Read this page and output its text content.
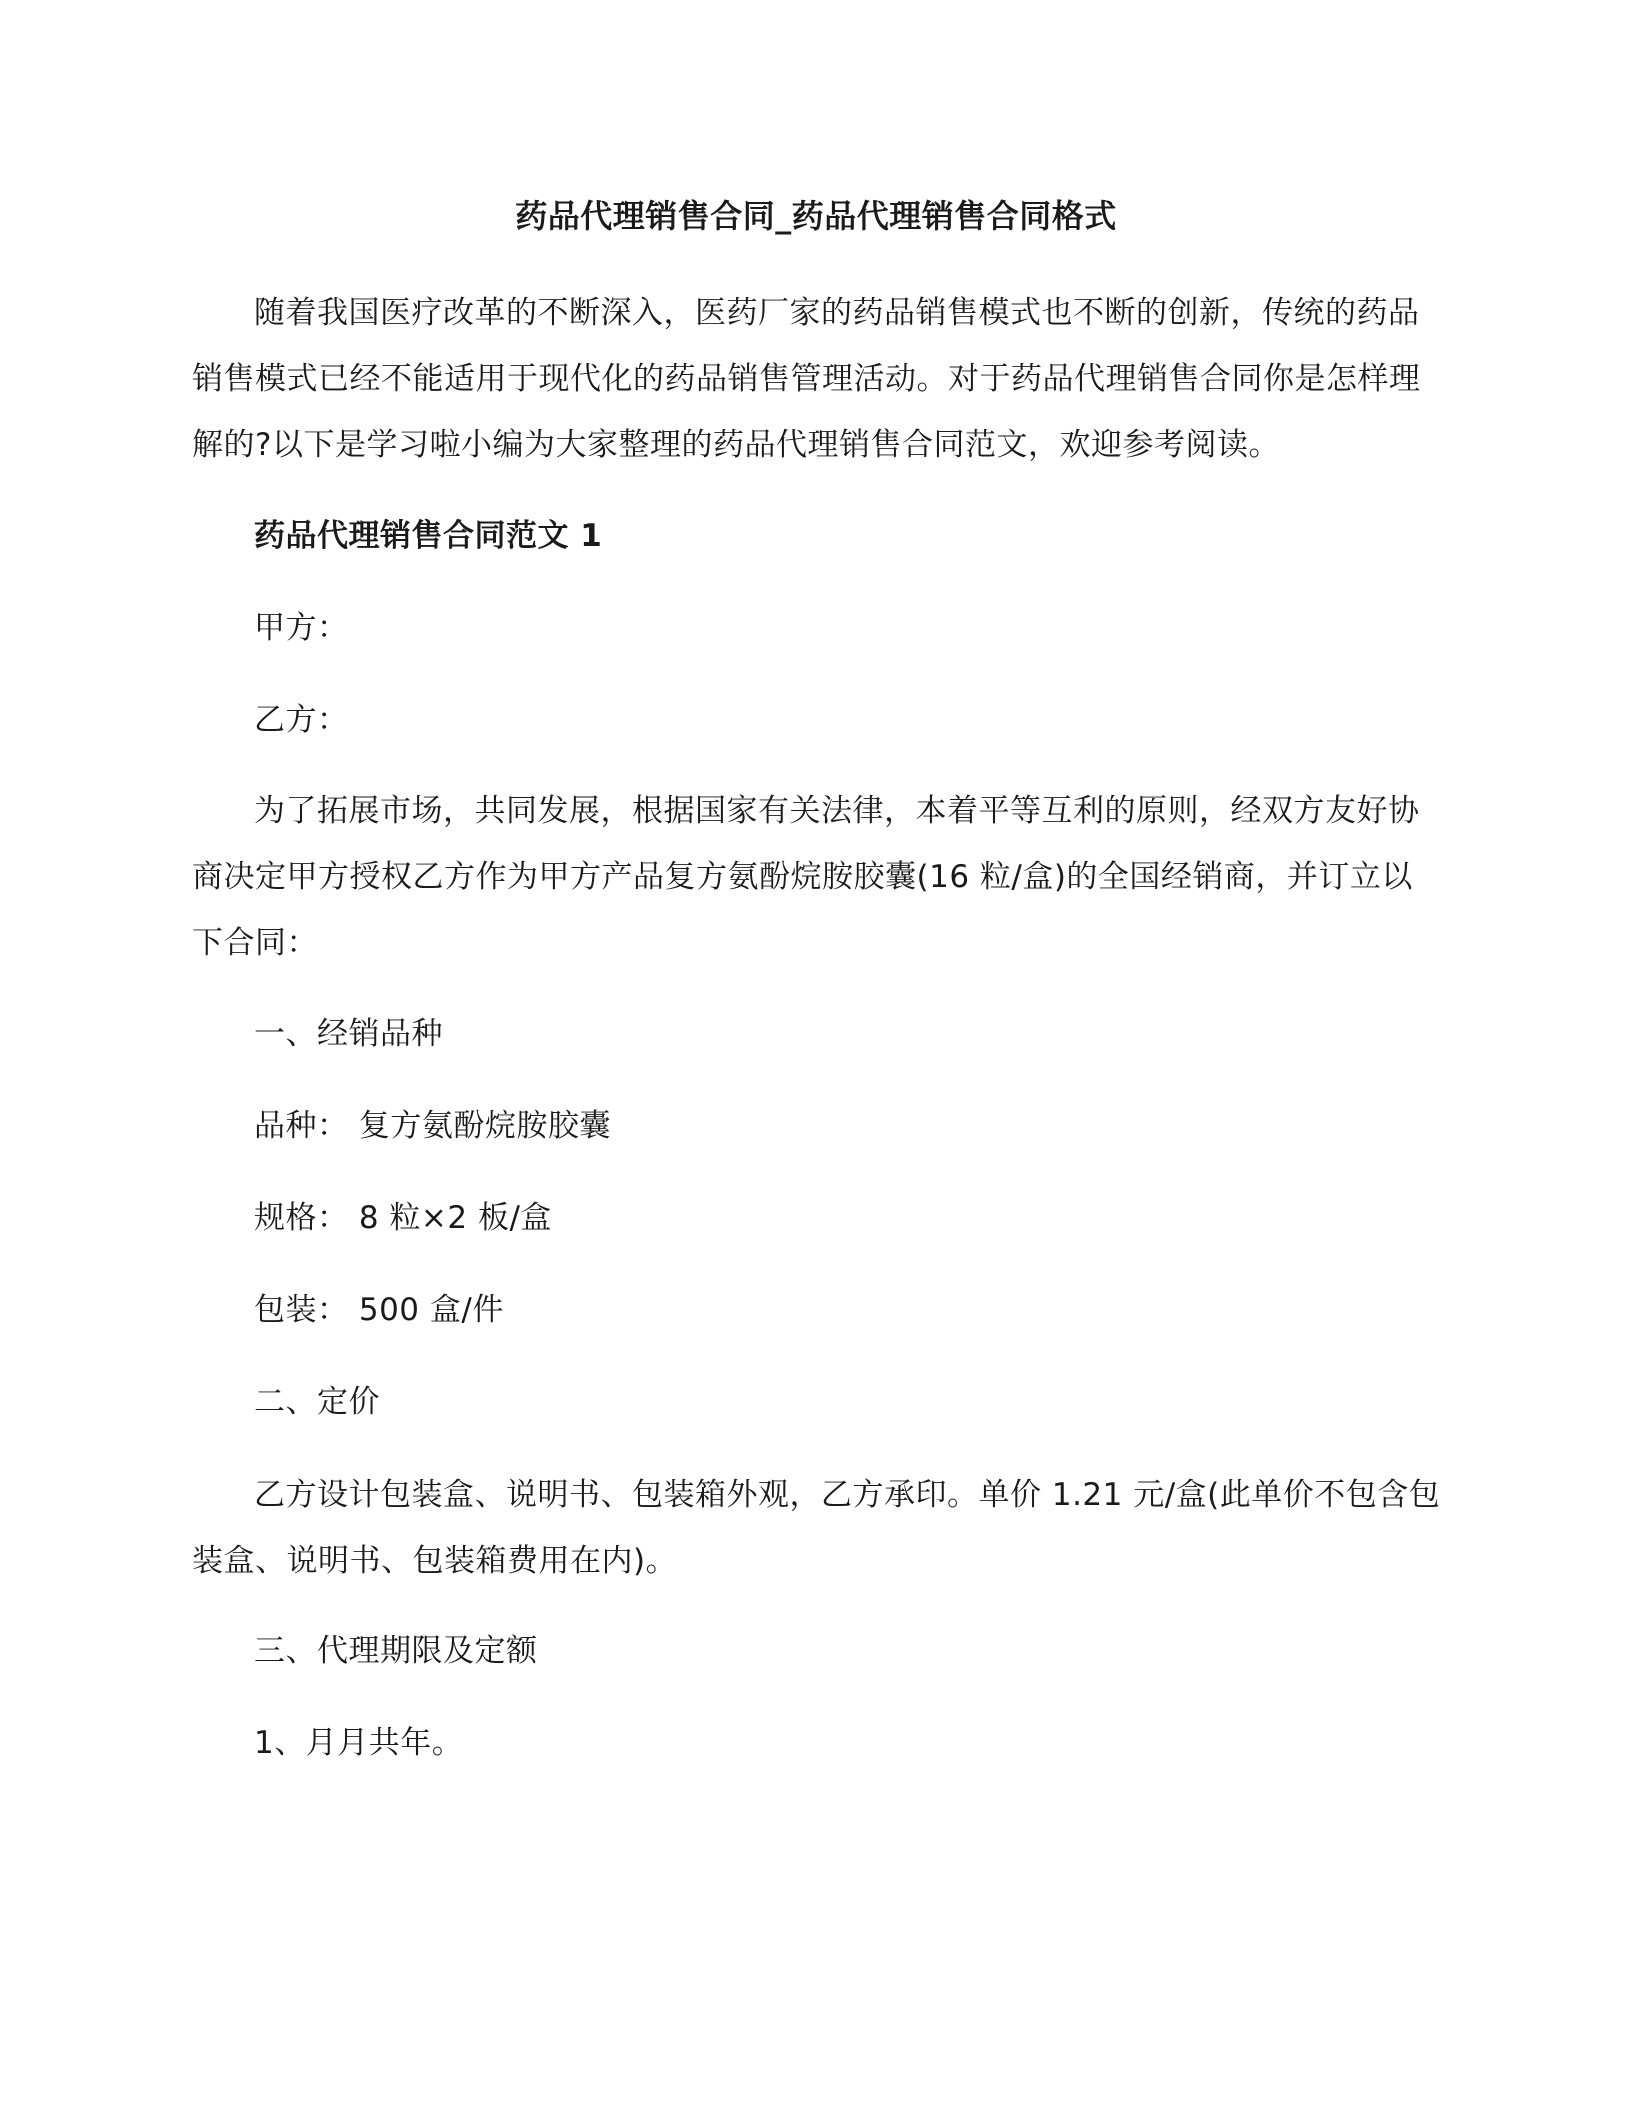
药品代理销售合同_药品代理销售合同格式
随着我国医疗改革的不断深入，医药厂家的药品销售模式也不断的创新，传统的药品销售模式已经不能适用于现代化的药品销售管理活动。对于药品代理销售合同你是怎样理解的?以下是学习啦小编为大家整理的药品代理销售合同范文，欢迎参考阅读。
药品代理销售合同范文 1
甲方：
乙方：
为了拓展市场，共同发展，根据国家有关法律，本着平等互利的原则，经双方友好协商决定甲方授权乙方作为甲方产品复方氨酚烷胺胶囊(16 粒/盒)的全国经销商，并订立以下合同：
一、经销品种
品种： 复方氨酚烷胺胶囊
规格： 8 粒×2 板/盒
包装： 500 盒/件
二、定价
乙方设计包装盒、说明书、包装箱外观，乙方承印。单价 1.21 元/盒(此单价不包含包装盒、说明书、包装箱费用在内)。
三、代理期限及定额
1、月月共年。
